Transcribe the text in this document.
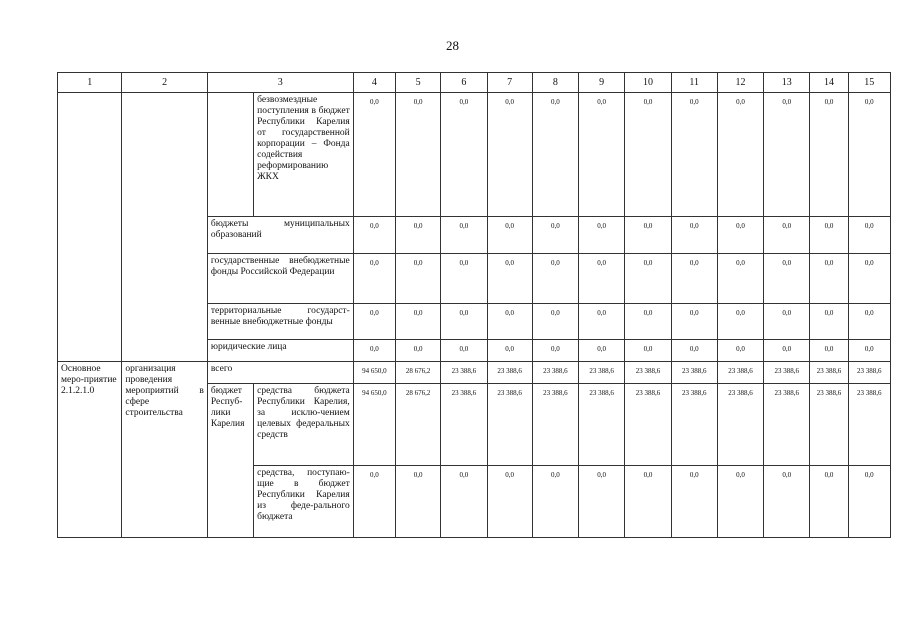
28
1	2	3		4	5	6	7	8	9	10	11	12	13	14	15
			безвозмездные поступления в бюджет Республики Карелия от государственной корпорации – Фонда содействия реформированию ЖКХ	0,0	0,0	0,0	0,0	0,0	0,0	0,0	0,0	0,0	0,0	0,0	0,0
		бюджеты муниципальных образований		0,0	0,0	0,0	0,0	0,0	0,0	0,0	0,0	0,0	0,0	0,0	0,0
		государственные внебюджетные фонды Российской Федерации		0,0	0,0	0,0	0,0	0,0	0,0	0,0	0,0	0,0	0,0	0,0	0,0
		территориальные государст-венные внебюджетные фонды		0,0	0,0	0,0	0,0	0,0	0,0	0,0	0,0	0,0	0,0	0,0	0,0
		юридические лица		0,0	0,0	0,0	0,0	0,0	0,0	0,0	0,0	0,0	0,0	0,0	0,0
Основное меро-приятие 2.1.2.1.0	организация проведения мероприятий в сфере строительства	всего		94 650,0	28 676,2	23 388,6	23 388,6	23 388,6	23 388,6	23 388,6	23 388,6	23 388,6	23 388,6	23 388,6	23 388,6
		бюджет Респуб-лики Карелия	средства бюджета Республики Карелия, за исклю-чением целевых федеральных средств	94 650,0	28 676,2	23 388,6	23 388,6	23 388,6	23 388,6	23 388,6	23 388,6	23 388,6	23 388,6	23 388,6	23 388,6
			средства, поступаю-щие в бюджет Республики Карелия из феде-рального бюджета	0,0	0,0	0,0	0,0	0,0	0,0	0,0	0,0	0,0	0,0	0,0	0,0
